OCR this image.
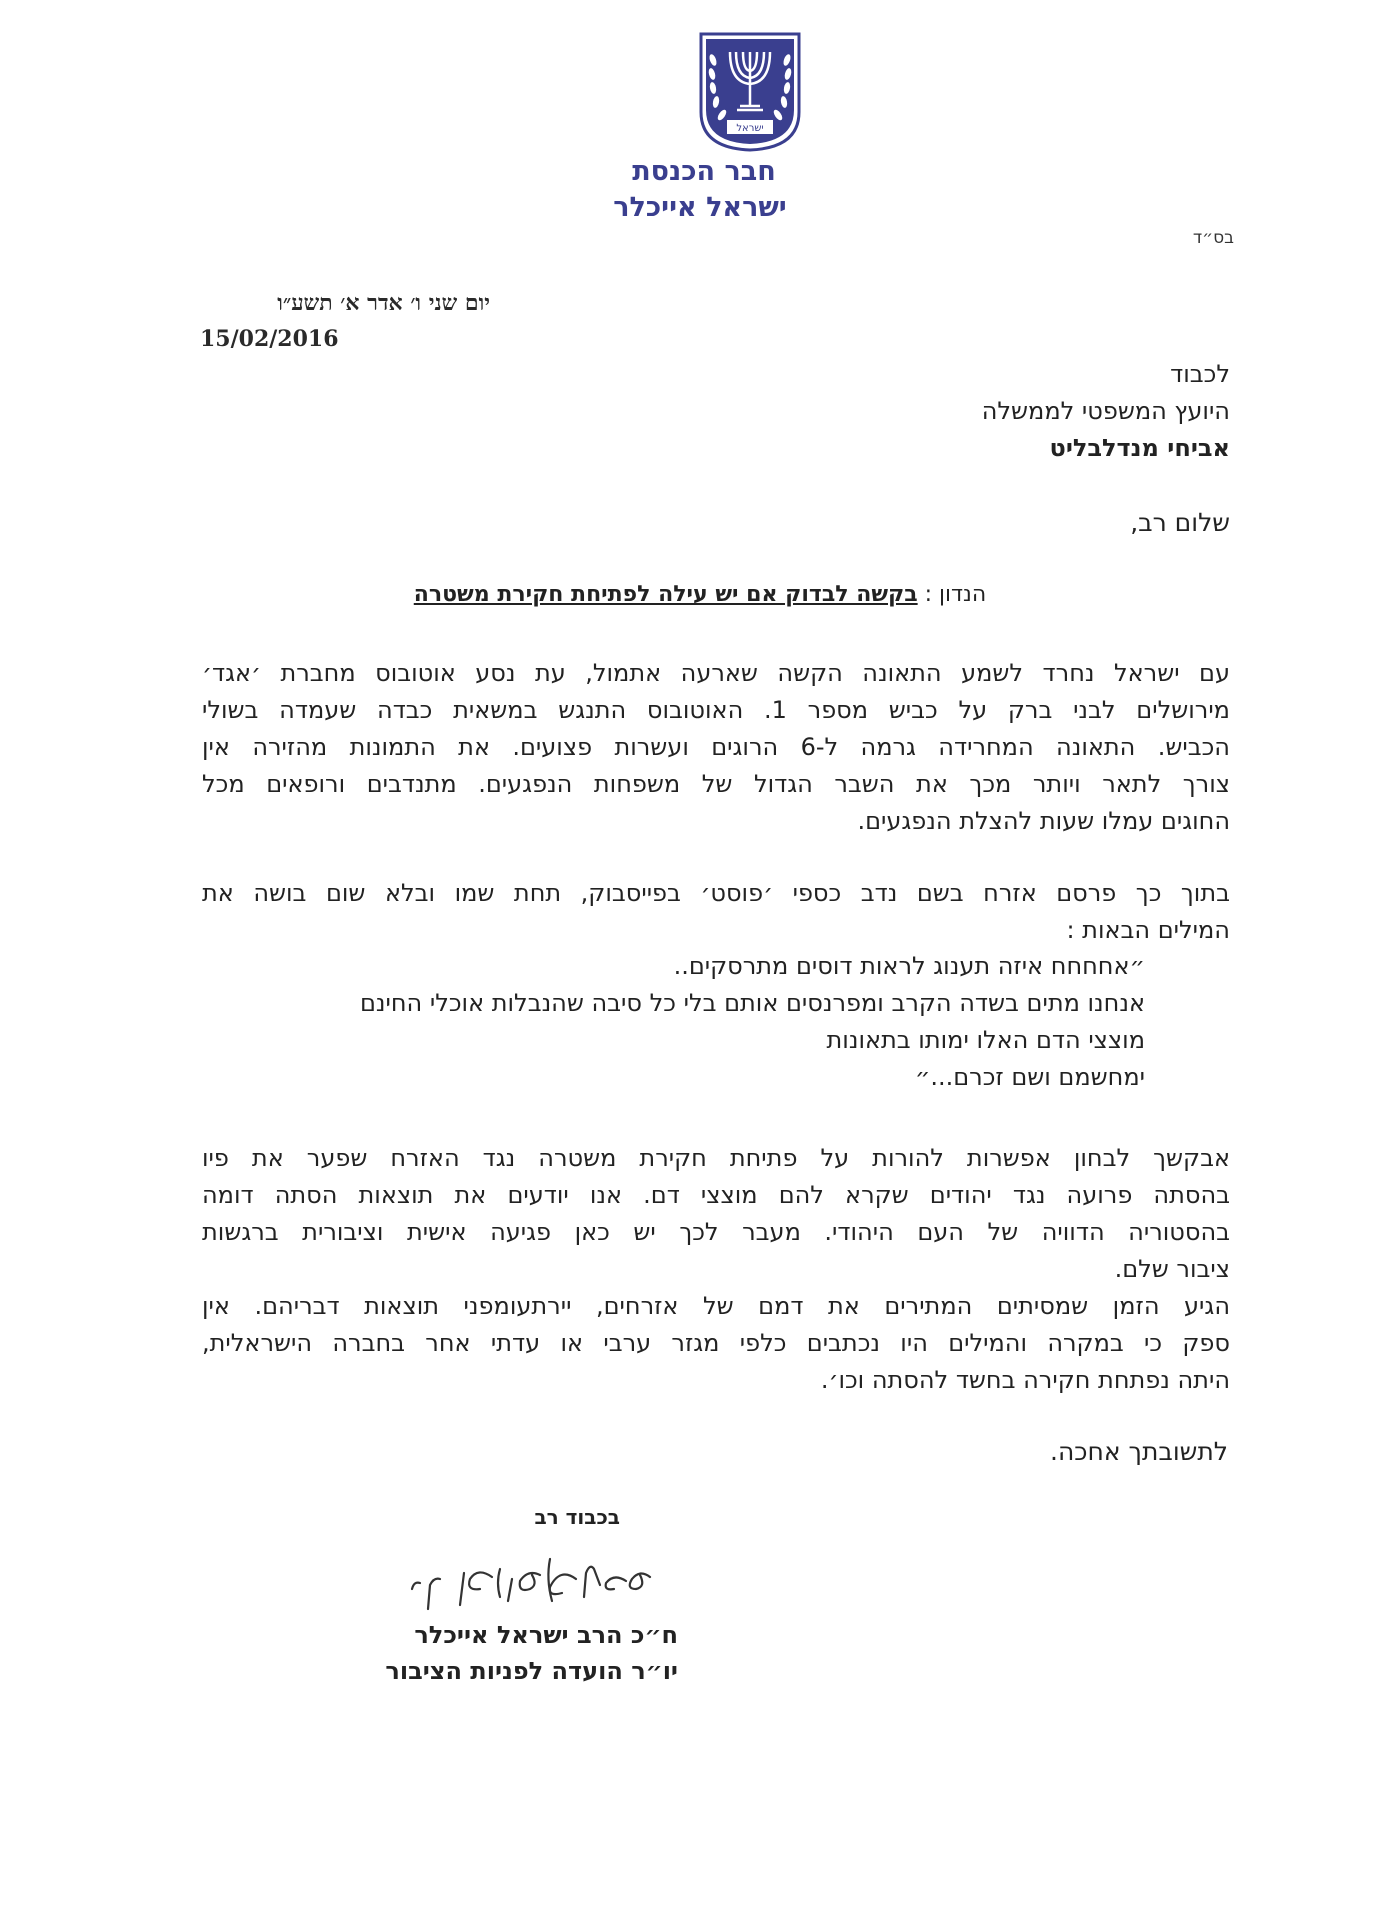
ישראל
חבר הכנסת
ישראל אייכלר
בס״ד
יום שני ו׳ אדר א׳ תשע״ו
15/02/2016
לכבוד
היועץ המשפטי לממשלה
אביחי מנדלבליט
שלום רב,
הנדון : בקשה לבדוק אם יש עילה לפתיחת חקירת משטרה
עם ישראל נחרד לשמע התאונה הקשה שארעה אתמול, עת נסע אוטובוס מחברת ׳אגד׳
מירושלים לבני ברק על כביש מספר 1. האוטובוס התנגש במשאית כבדה שעמדה בשולי
הכביש. התאונה המחרידה גרמה ל-6 הרוגים ועשרות פצועים. את התמונות מהזירה אין
צורך לתאר ויותר מכך את השבר הגדול של משפחות הנפגעים. מתנדבים ורופאים מכל
החוגים עמלו שעות להצלת הנפגעים.
בתוך כך פרסם אזרח בשם נדב כספי ׳פוסט׳ בפייסבוק, תחת שמו ובלא שום בושה את
המילים הבאות :
״אחחחח איזה תענוג לראות דוסים מתרסקים..
אנחנו מתים בשדה הקרב ומפרנסים אותם בלי כל סיבה שהנבלות אוכלי החינם
מוצצי הדם האלו ימותו בתאונות
ימחשמם ושם זכרם...״
אבקשך לבחון אפשרות להורות על פתיחת חקירת משטרה נגד האזרח שפער את פיו
בהסתה פרועה נגד יהודים שקרא להם מוצצי דם. אנו יודעים את תוצאות הסתה דומה
בהסטוריה הדוויה של העם היהודי. מעבר לכך יש כאן פגיעה אישית וציבורית ברגשות
ציבור שלם.
הגיע הזמן שמסיתים המתירים את דמם של אזרחים, יירתעומפני תוצאות דבריהם. אין
ספק כי במקרה והמילים היו נכתבים כלפי מגזר ערבי או עדתי אחר בחברה הישראלית,
היתה נפתחת חקירה בחשד להסתה וכו׳.
לתשובתך אחכה.
בכבוד רב
ח״כ הרב ישראל אייכלר
יו״ר הועדה לפניות הציבור
